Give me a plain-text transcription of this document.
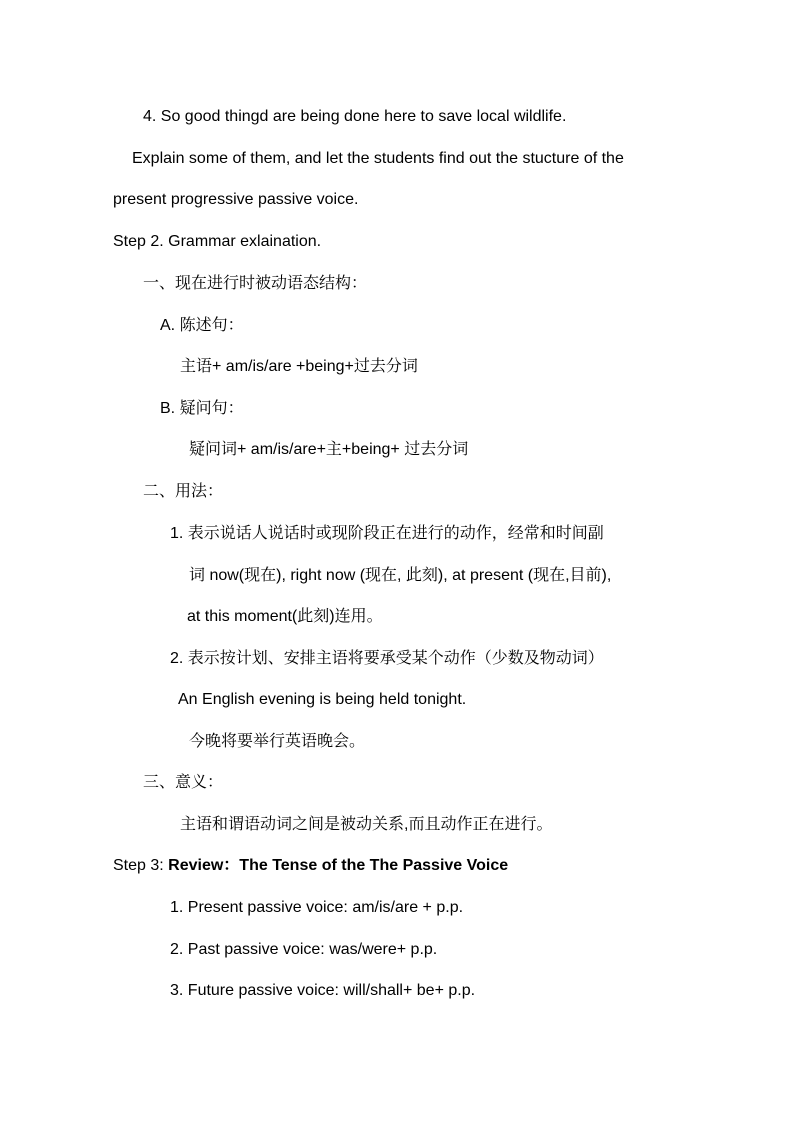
4. So good thingd are being done here to save local wildlife.
Explain some of them, and let the students find out the stucture of the
present progressive passive voice.
Step 2. Grammar exlaination.
一、现在进行时被动语态结构：
A. 陈述句：
主语+ am/is/are +being+过去分词
B. 疑问句：
疑问词+ am/is/are+主+being+ 过去分词
二、用法：
1. 表示说话人说话时或现阶段正在进行的动作，经常和时间副
词 now(现在), right now (现在, 此刻), at present (现在,目前),
at this moment(此刻)连用。
2. 表示按计划、安排主语将要承受某个动作（少数及物动词）
An English evening is being held tonight.
今晚将要举行英语晚会。
三、意义：
主语和谓语动词之间是被动关系,而且动作正在进行。
Step 3: Review：The Tense of the The Passive Voice
1. Present passive voice: am/is/are + p.p.
2. Past passive voice: was/were+ p.p.
3. Future passive voice: will/shall+ be+ p.p.
